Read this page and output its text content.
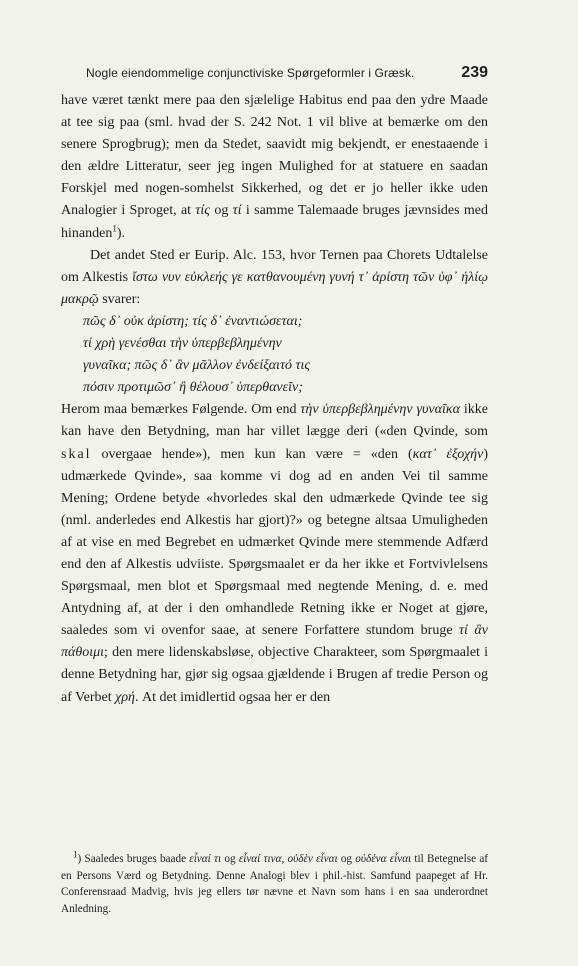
Nogle eiendommelige conjunctiviske Spørgeformler i Græsk.	239

have været tænkt mere paa den sjælelige Habitus end paa den ydre Maade at tee sig paa (sml. hvad der S. 242 Not. 1 vil blive at bemærke om den senere Sprogbrug); men da Stedet, saavidt mig bekjendt, er enestaaende i den ældre Litteratur, seer jeg ingen Mulighed for at statuere en saadan Forskjel med nogen-somhelst Sikkerhed, og det er jo heller ikke uden Analogier i Sproget, at τίς og τί i samme Talemaade bruges jævnsides med hinanden$^1$).

Det andet Sted er Eurip. Alc. 153, hvor Ternen paa Chorets Udtalelse om Alkestis ἴστω νυν εὐκλεής γε κατθανουμένη γυνή τ᾽ ἀρίστη τῶν ὑφ᾽ ἡλίῳ μακρῷ svarer:

πῶς δ᾽ οὐκ ἀρίστη; τίς δ᾽ ἐναντιώσεται;
τί χρὴ γενέσθαι τὴν ὑπερβεβλημένην
γυναῖκα; πῶς δ᾽ ἂν μᾶλλον ἐνδείξαιτό τις
πόσιν προτιμῶσ᾽ ἢ θέλουσ᾽ ὑπερθανεῖν;

Herom maa bemærkes Følgende. Om end τὴν ὑπερβεβλημένην γυναῖκα ikke kan have den Betydning, man har villet lægge deri («den Qvinde, som skal overgaae hende»), men kun kan være = «den (κατ᾽ ἐξοχήν) udmærkede Qvinde», saa komme vi dog ad en anden Vei til samme Mening; Ordene betyde «hvorledes skal den udmærkede Qvinde tee sig (nml. anderledes end Alkestis har gjort)?» og betegne altsaa Umuligheden af at vise en med Begrebet en udmærket Qvinde mere stemmende Adfærd end den af Alkestis udviiste. Spørgsmaalet er da her ikke et Fortvivlelsens Spørgsmaal, men blot et Spørgsmaal med negtende Mening, d. e. med Antydning af, at der i den omhandlede Retning ikke er Noget at gjøre, saaledes som vi ovenfor saae, at senere Forfattere stundom bruge τί ἂν πάθοιμι; den mere lidenskabsløse, objective Charakteer, som Spørgmaalet i denne Betydning har, gjør sig ogsaa gjældende i Brugen af tredie Person og af Verbet χρή. At det imidlertid ogsaa her er den

$^1$) Saaledes bruges baade εἶναί τι og εἶναί τινα, οὐδὲν εἶναι og οὐδένα εἶναι til Betegnelse af en Persons Værd og Betydning. Denne Analogi blev i phil.-hist. Samfund paapeget af Hr. Conferensraad Madvig, hvis jeg ellers tør nævne et Navn som hans i en saa underordnet Anledning.
